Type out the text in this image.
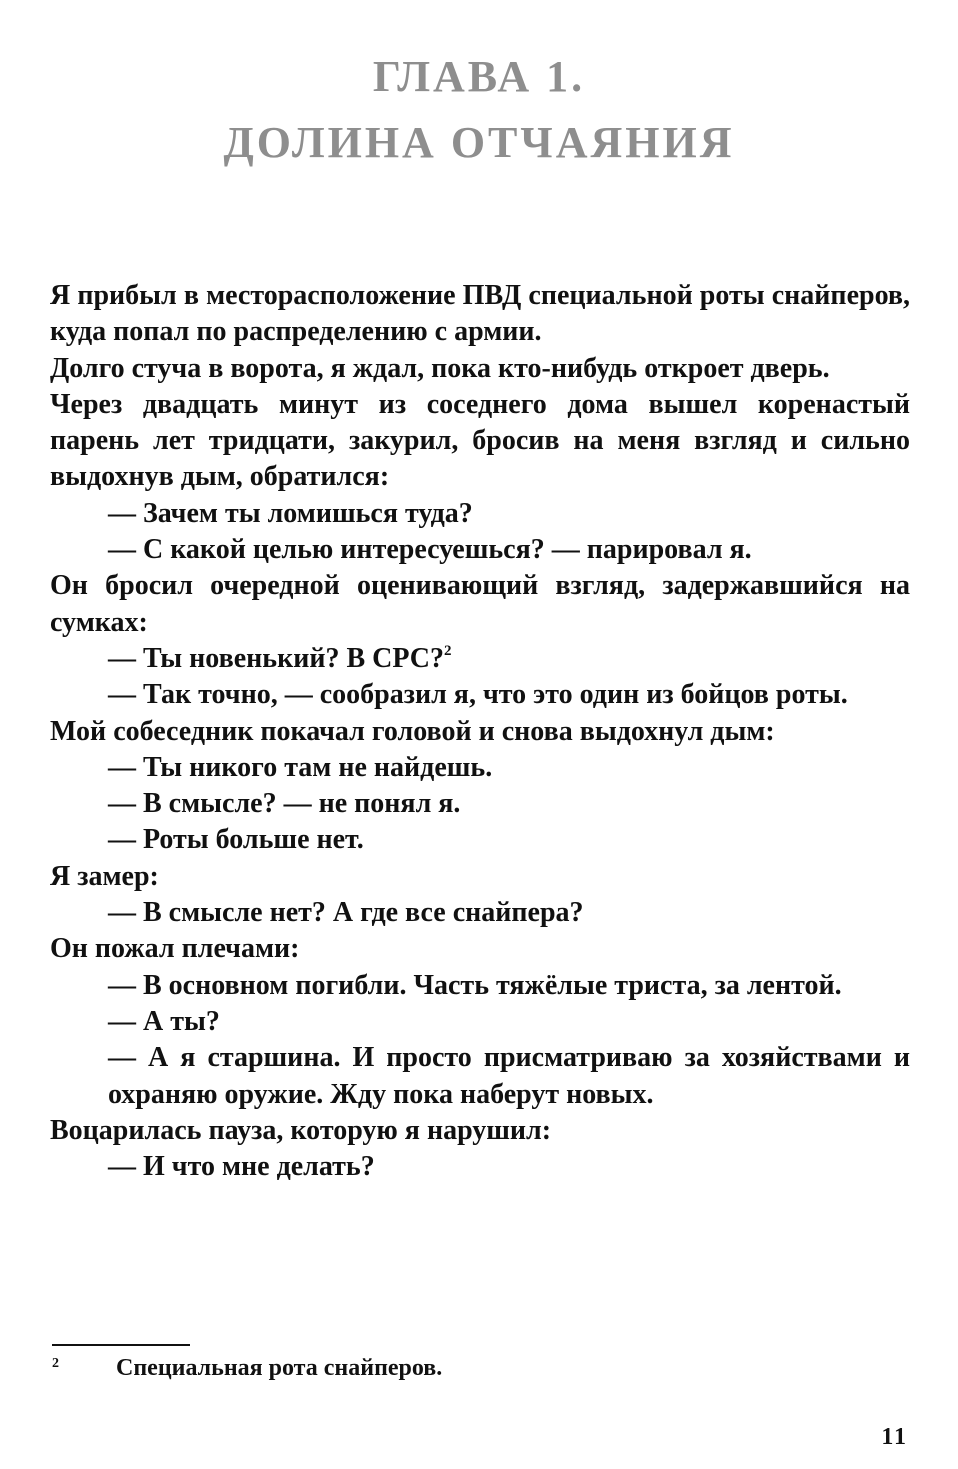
ГЛАВА 1.
ДОЛИНА ОТЧАЯНИЯ

Я прибыл в месторасположение ПВД специальной роты снайперов, куда попал по распределению с армии.

Долго стуча в ворота, я ждал, пока кто-нибудь откроет дверь.

Через двадцать минут из соседнего дома вышел коренастый парень лет тридцати, закурил, бросив на меня взгляд и сильно выдохнув дым, обратился:

— Зачем ты ломишься туда?

— С какой целью интересуешься? — парировал я.

Он бросил очередной оценивающий взгляд, задержавшийся на сумках:

— Ты новенький? В СРС?$^2$

— Так точно, — сообразил я, что это один из бойцов роты.

Мой собеседник покачал головой и снова выдохнул дым:

— Ты никого там не найдешь.

— В смысле? — не понял я.

— Роты больше нет.

Я замер:

— В смысле нет? А где все снайпера?

Он пожал плечами:

— В основном погибли. Часть тяжёлые триста, за лентой.

— А ты?

— А я старшина. И просто присматриваю за хозяйствами и охраняю оружие. Жду пока наберут новых.

Воцарилась пауза, которую я нарушил:

— И что мне делать?

2 Специальная рота снайперов.
11
